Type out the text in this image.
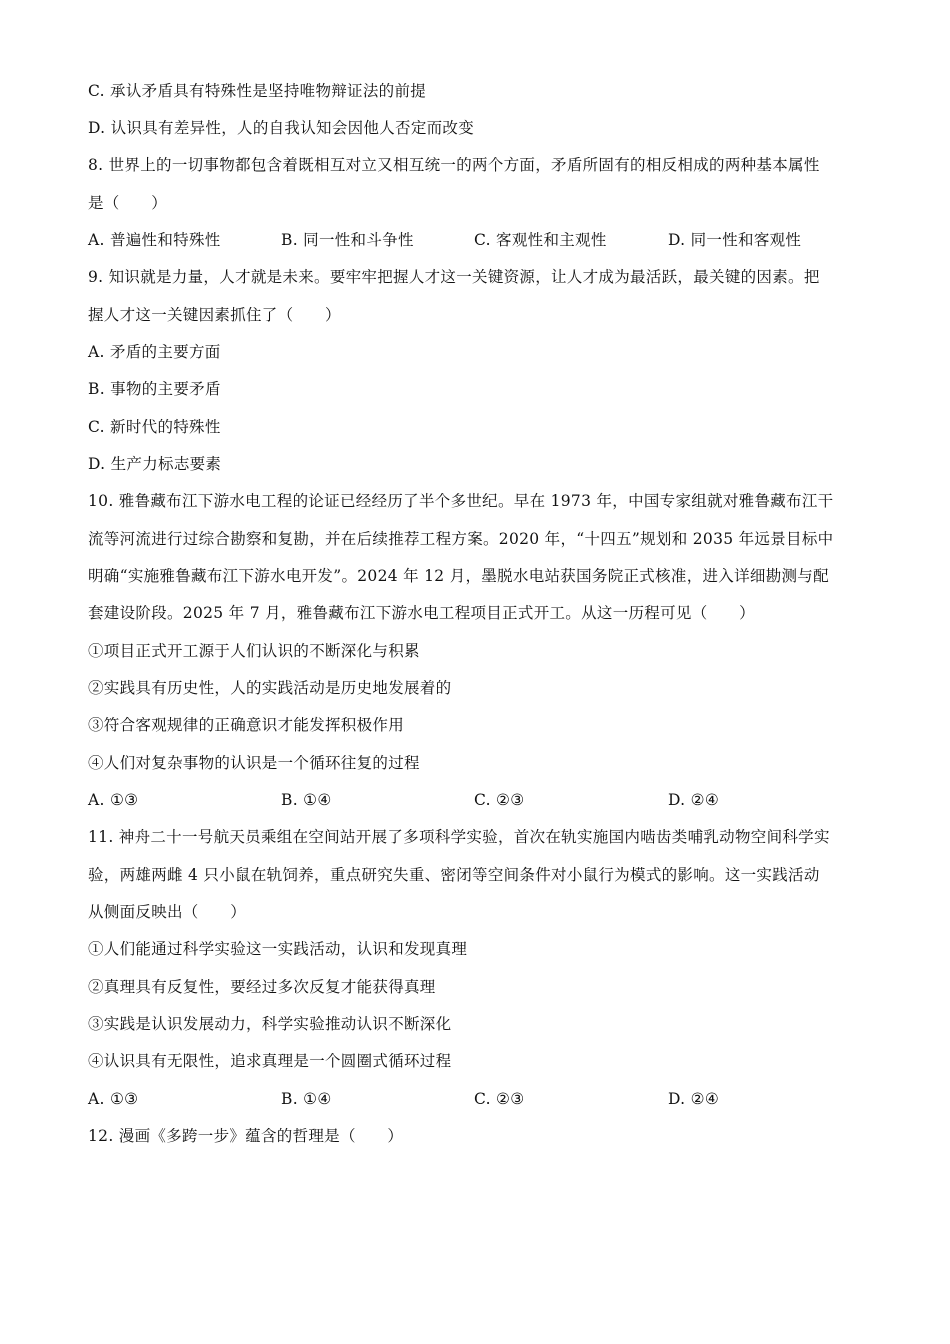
C. 承认矛盾具有特殊性是坚持唯物辩证法的前提
D. 认识具有差异性，人的自我认知会因他人否定而改变
8. 世界上的一切事物都包含着既相互对立又相互统一的两个方面，矛盾所固有的相反相成的两种基本属性
是（　　）
A. 普遍性和特殊性	B. 同一性和斗争性	C. 客观性和主观性	D. 同一性和客观性
9. 知识就是力量，人才就是未来。要牢牢把握人才这一关键资源，让人才成为最活跃，最关键的因素。把
握人才这一关键因素抓住了（　　）
A. 矛盾的主要方面
B. 事物的主要矛盾
C. 新时代的特殊性
D. 生产力标志要素
10. 雅鲁藏布江下游水电工程的论证已经经历了半个多世纪。早在 1973 年，中国专家组就对雅鲁藏布江干
流等河流进行过综合勘察和复勘，并在后续推荐工程方案。2020 年，“十四五”规划和 2035 年远景目标中
明确“实施雅鲁藏布江下游水电开发”。2024 年 12 月，墨脱水电站获国务院正式核准，进入详细勘测与配
套建设阶段。2025 年 7 月，雅鲁藏布江下游水电工程项目正式开工。从这一历程可见（　　）
①项目正式开工源于人们认识的不断深化与积累
②实践具有历史性，人的实践活动是历史地发展着的
③符合客观规律的正确意识才能发挥积极作用
④人们对复杂事物的认识是一个循环往复的过程
A. ①③	B. ①④	C. ②③	D. ②④
11. 神舟二十一号航天员乘组在空间站开展了多项科学实验，首次在轨实施国内啮齿类哺乳动物空间科学实
验，两雄两雌 4 只小鼠在轨饲养，重点研究失重、密闭等空间条件对小鼠行为模式的影响。这一实践活动
从侧面反映出（　　）
①人们能通过科学实验这一实践活动，认识和发现真理
②真理具有反复性，要经过多次反复才能获得真理
③实践是认识发展动力，科学实验推动认识不断深化
④认识具有无限性，追求真理是一个圆圈式循环过程
A. ①③	B. ①④	C. ②③	D. ②④
12. 漫画《多跨一步》蕴含的哲理是（　　）
